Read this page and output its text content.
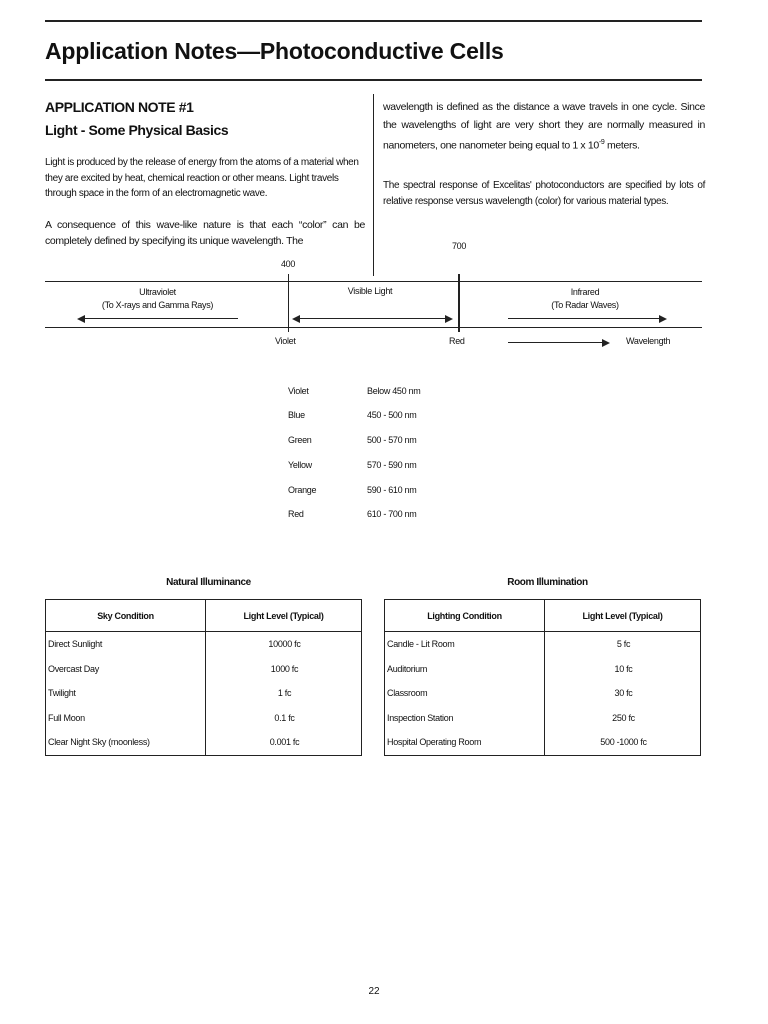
Application Notes—Photoconductive Cells
APPLICATION NOTE #1
Light - Some Physical Basics
Light is produced by the release of energy from the atoms of a material when they are excited by heat, chemical reaction or other means. Light travels through space in the form of an electromagnetic wave.
A consequence of this wave-like nature is that each “color” can be completely defined by specifying its unique wavelength. The
wavelength is defined as the distance a wave travels in one cycle. Since the wavelengths of light are very short they are normally measured in nanometers, one nanometer being equal to 1 x $10^{-9}$ meters.
The spectral response of Excelitas' photoconductors are specified by lots of relative response versus wavelength (color) for various material types.
700
400
Ultraviolet
(To X-rays and Gamma Rays)
Visible Light	Infrared
(To Radar Waves)
Violet	Red	Wavelength
Violet	Below 450 nm
Blue	450 - 500 nm
Green	500 - 570 nm
Yellow	570 - 590 nm
Orange	590 - 610 nm
Red	610 - 700 nm
Natural Illuminance
Sky Condition	Light Level (Typical)
Direct Sunlight	10000 fc
Overcast Day	1000 fc
Twilight	1 fc
Full Moon	0.1 fc
Clear Night Sky (moonless)	0.001 fc
Room Illumination
Lighting Condition	Light Level (Typical)
Candle - Lit Room	5 fc
Auditorium	10 fc
Classroom	30 fc
Inspection Station	250 fc
Hospital Operating Room	500 -1000 fc
22
